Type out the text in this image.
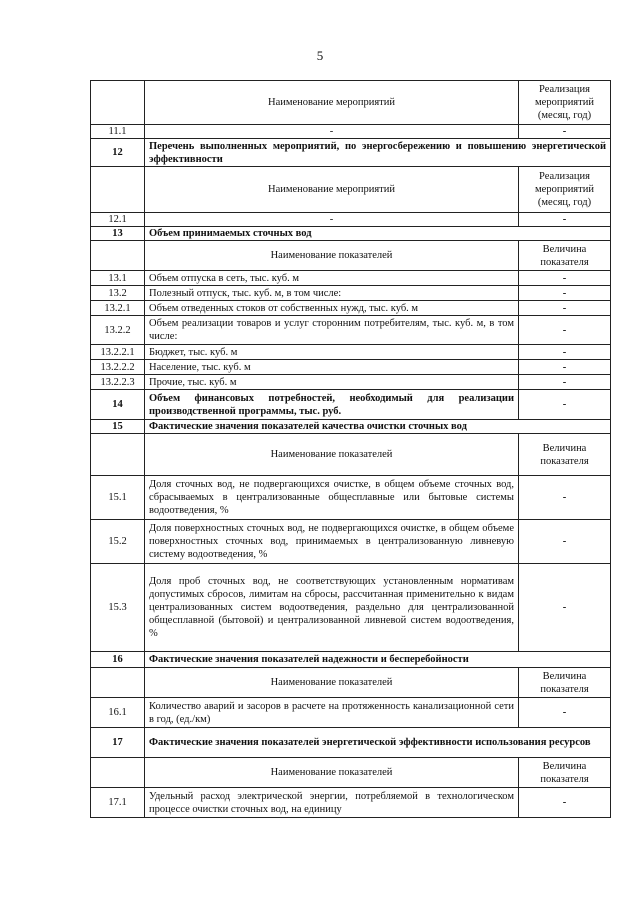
5
	Наименование мероприятий	Реализация мероприятий (месяц, год)
11.1	-	-
12	Перечень выполненных мероприятий, по энергосбережению и повышению энергетической эффективности	
	Наименование мероприятий	Реализация мероприятий (месяц, год)
12.1	-	-
13	Объем принимаемых сточных вод	
	Наименование показателей	Величина показателя
13.1	Объем отпуска в сеть, тыс. куб. м	-
13.2	Полезный отпуск, тыс. куб. м, в том числе:	-
13.2.1	Объем отведенных стоков от собственных нужд, тыс. куб. м	-
13.2.2	Объем реализации товаров и услуг сторонним потребителям, тыс. куб. м, в том числе:	-
13.2.2.1	Бюджет, тыс. куб. м	-
13.2.2.2	Население, тыс. куб. м	-
13.2.2.3	Прочие, тыс. куб. м	-
14	Объем финансовых потребностей, необходимый для реализации производственной программы, тыс. руб.	-
15	Фактические значения показателей качества очистки сточных вод	
	Наименование показателей	Величина показателя
15.1	Доля сточных вод, не подвергающихся очистке, в общем объеме сточных вод, сбрасываемых в централизованные общесплавные или бытовые системы водоотведения, %	-
15.2	Доля поверхностных сточных вод, не подвергающихся очистке, в общем объеме поверхностных сточных вод, принимаемых в централизованную ливневую систему водоотведения, %	-
15.3	Доля проб сточных вод, не соответствующих установленным нормативам допустимых сбросов, лимитам на сбросы, рассчитанная применительно к видам централизованных систем водоотведения, раздельно для централизованной общесплавной (бытовой) и централизованной ливневой систем водоотведения, %	-
16	Фактические значения показателей надежности и бесперебойности	
	Наименование показателей	Величина показателя
16.1	Количество аварий и засоров в расчете на протяженность канализационной сети в год, (ед./км)	-
17	Фактические значения показателей энергетической эффективности использования ресурсов	
	Наименование показателей	Величина показателя
17.1	Удельный расход электрической энергии, потребляемой в технологическом процессе очистки сточных вод, на единицу	-
